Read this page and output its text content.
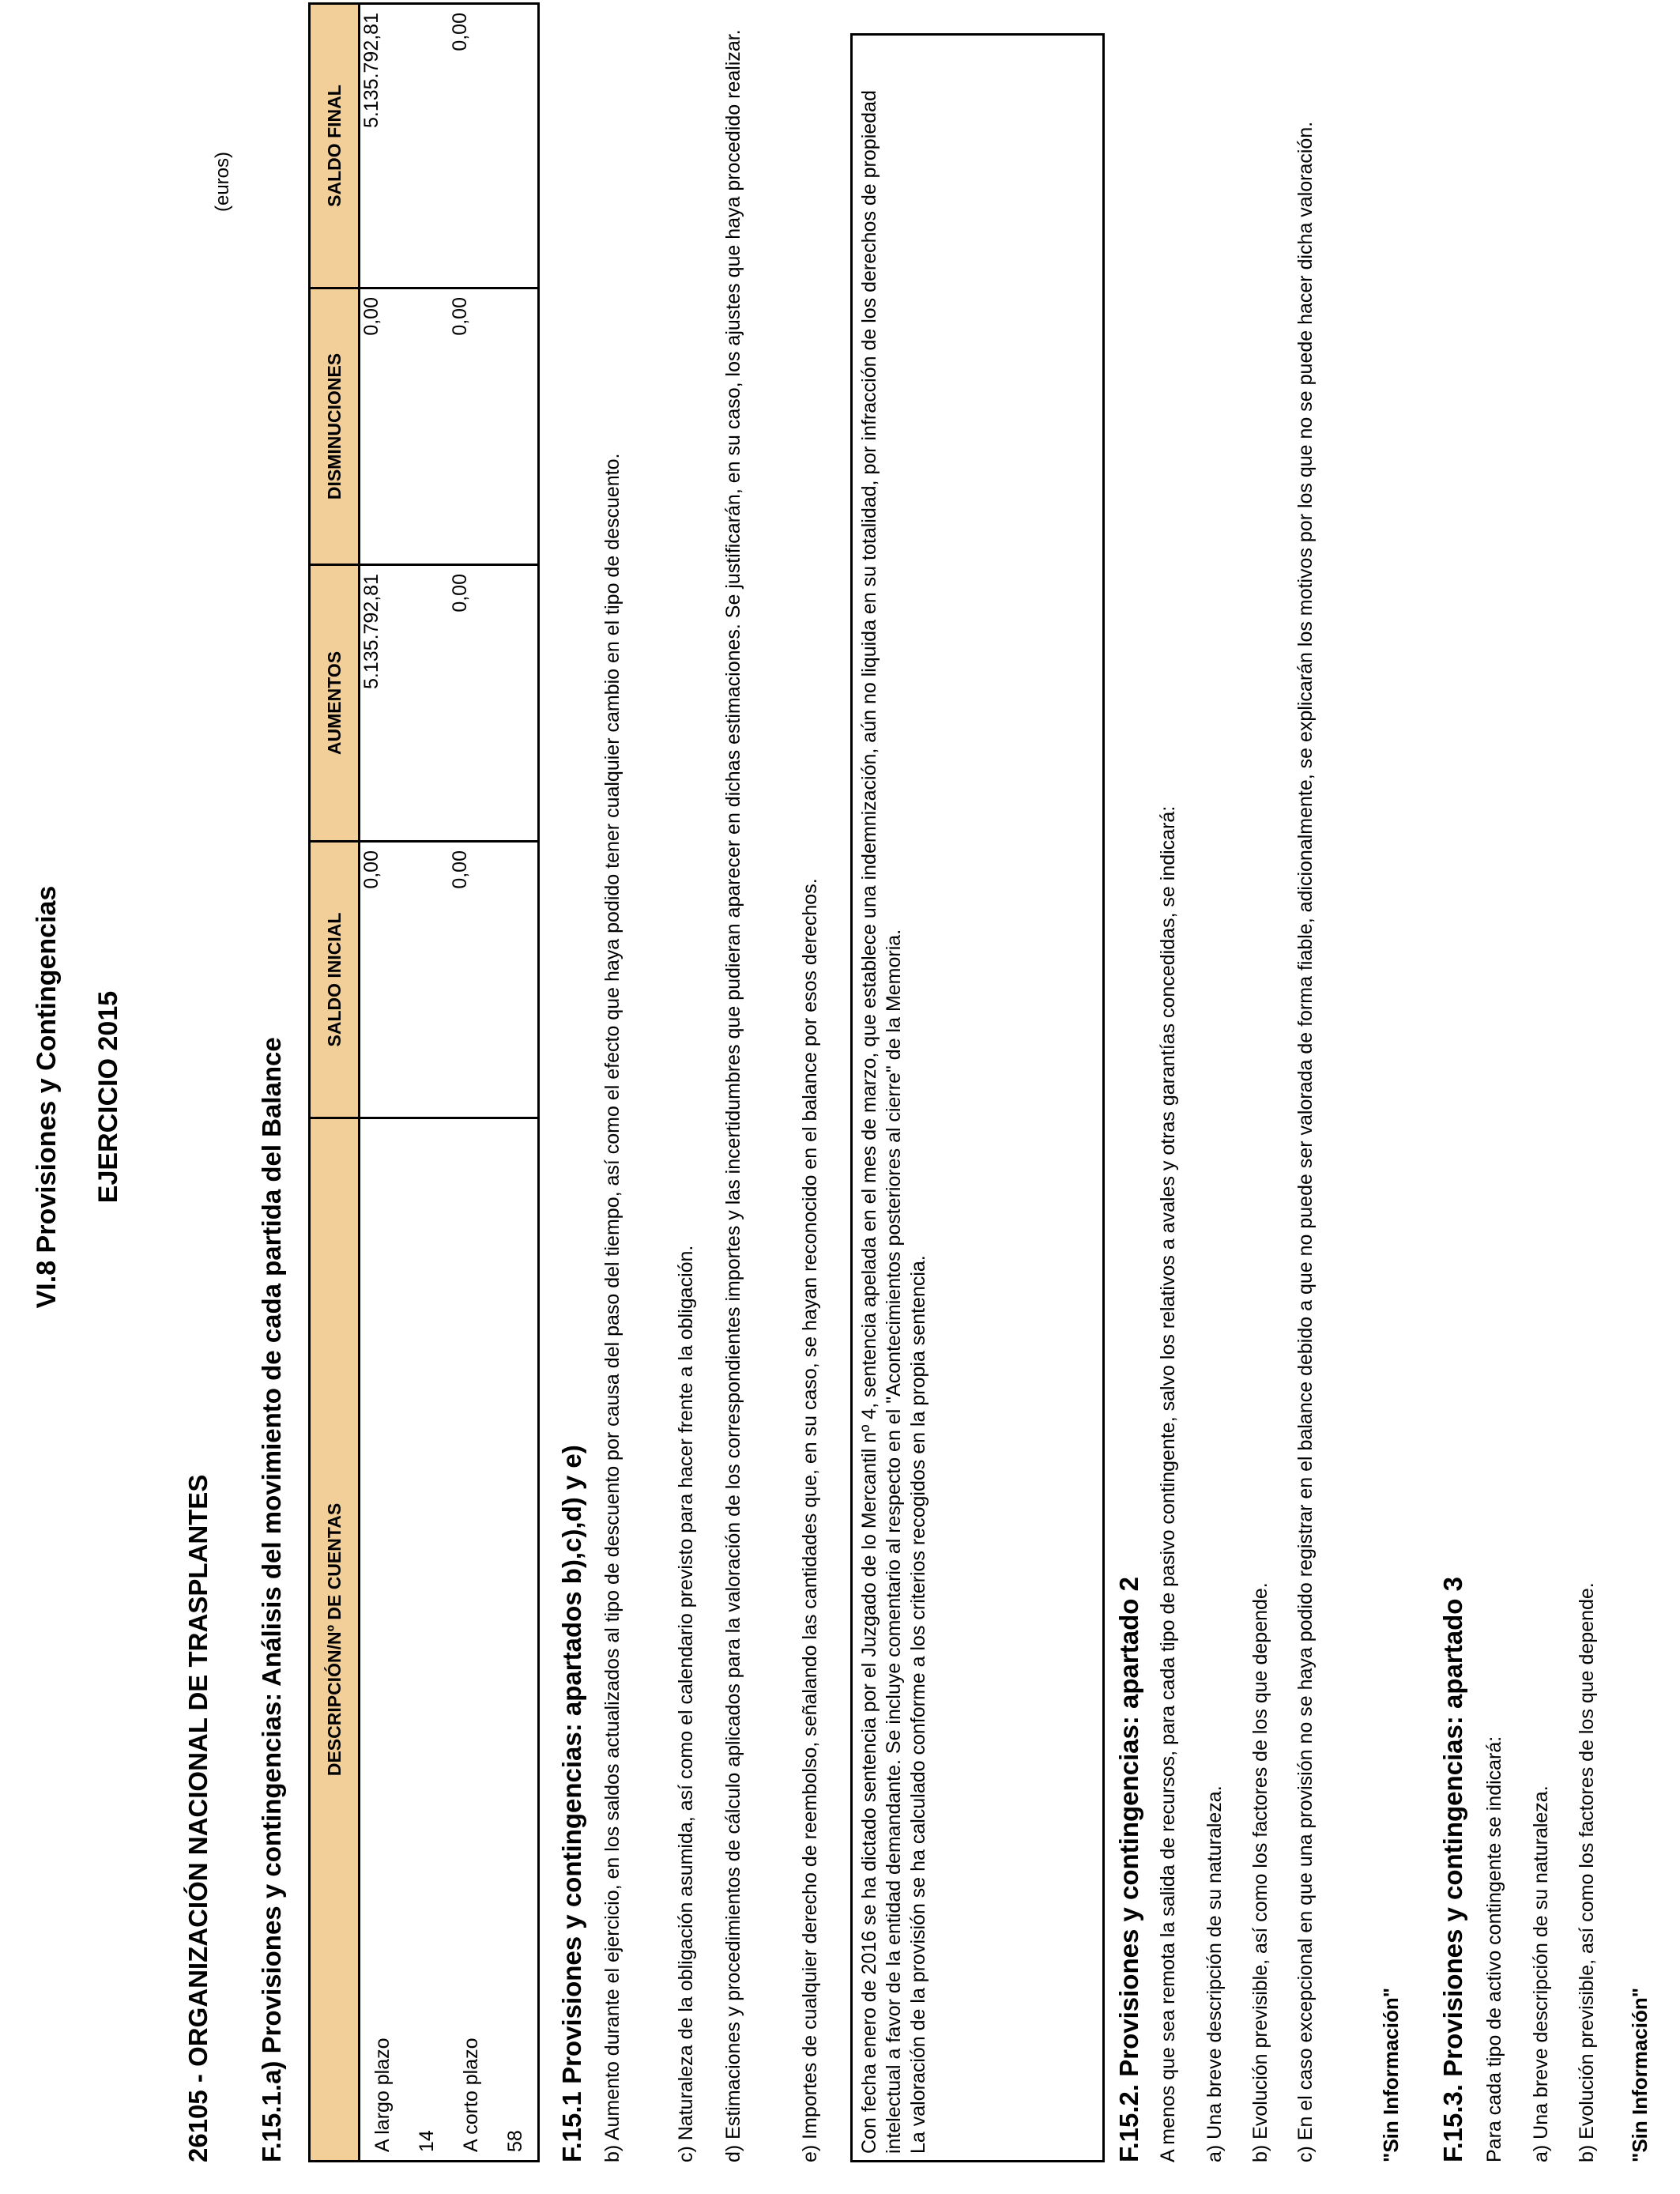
VI.8 Provisiones y Contingencias EJERCICIO 2015
(euros)
26105 - ORGANIZACIÓN NACIONAL DE TRASPLANTES F.15.1.a) Provisiones y contingencias: Análisis del movimiento de cada partida del Balance DESCRIPCIÓN/Nº DE CUENTAS	SALDO INICIAL	AUMENTOS	DISMINUCIONES	SALDO FINAL

A largo plazo 14	0,00	5.135.792,81	0,00	5.135.792,81

A corto plazo 58	0,00	0,00	0,00	0,00
F.15.1 Provisiones y contingencias: apartados b),c),d) y e) b) Aumento durante el ejercicio, en los saldos actualizados al tipo de descuento por causa del paso del tiempo, así como el efecto que haya podido tener cualquier cambio en el tipo de descuento.	c) Naturaleza de la obligación asumida, así como el calendario previsto para hacer frente a la obligación. d) Estimaciones y procedimientos de cálculo aplicados para la valoración de los correspondientes importes y las incertidumbres que pudieran aparecer en dichas estimaciones. Se justificarán, en su caso, los ajustes que haya procedido realizar.	e) Importes de cualquier derecho de reembolso, señalando las cantidades que, en su caso, se hayan reconocido en el balance por esos derechos. Con fecha enero de 2016 se ha dictado sentencia por el Juzgado de lo Mercantil nº 4, sentencia apelada en el mes de marzo, que establece una indemnización, aún no liquida en su totalidad, por infracción de los derechos de propiedad intelectual a favor de la entidad demandante. Se incluye comentario al respecto en el "Acontecimientos posteriores al cierre" de la Memoria. La valoración de la provisión se ha calculado conforme a los criterios recogidos en la propia sentencia.	F.15.2. Provisiones y contingencias: apartado 2 A menos que sea remota la salida de recursos, para cada tipo de pasivo contingente, salvo los relativos a avales y otras garantías concedidas, se indicará: a) Una breve descripción de su naturaleza. b) Evolución previsible, así como los factores de los que depende. c) En el caso excepcional en que una provisión no se haya podido registrar en el balance debido a que no puede ser valorada de forma fiable, adicionalmente, se explicarán los motivos por los que no se puede hacer dicha valoración.	"Sin Información" F.15.3. Provisiones y contingencias: apartado 3 Para cada tipo de activo contingente se indicará: a) Una breve descripción de su naturaleza. b) Evolución previsible, así como los factores de los que depende. "Sin Información"
